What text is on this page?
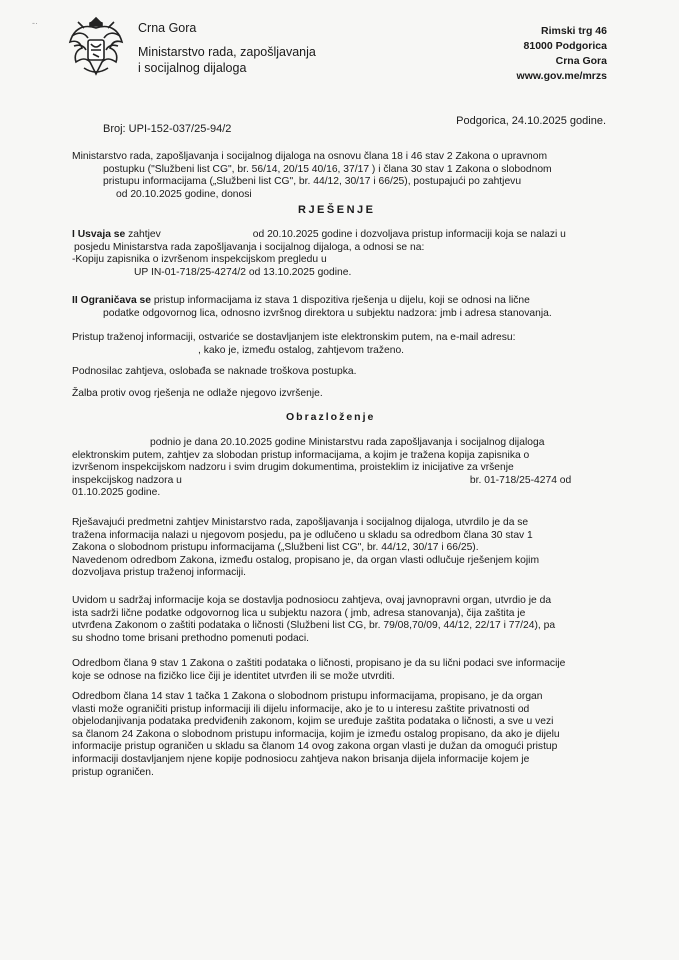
-·	Crna Gora
Ministarstvo rada, zapošljavanja
i socijalnog dijaloga
Rimski trg 46
81000 Podgorica
Crna Gora
www.gov.me/mrzs
Broj: UPI-152-037/25-94/2
Podgorica, 24.10.2025 godine.
Ministarstvo rada, zapošljavanja i socijalnog dijaloga na osnovu člana 18 i 46 stav 2 Zakona o upravnom
postupku ("Službeni list CG", br. 56/14, 20/15 40/16, 37/17 ) i člana 30 stav 1 Zakona o slobodnom
pristupu informacijama („Službeni list CG", br. 44/12, 30/17 i 66/25), postupajući po zahtjevu
od 20.10.2025 godine, donosi
RJEŠENJE
I Usvaja se zahtjev	od 20.10.2025 godine i dozvoljava pristup informaciji koja se nalazi u
posjedu Ministarstva rada zapošljavanja i socijalnog dijaloga, a odnosi se na:
-Kopiju zapisnika o izvršenom inspekcijskom pregledu u
UP IN-01-718/25-4274/2 od 13.10.2025 godine.
II Ograničava se pristup informacijama iz stava 1 dispozitiva rješenja u dijelu, koji se odnosi na lične
podatke odgovornog lica, odnosno izvršnog direktora u subjektu nadzora: jmb i adresa stanovanja.
Pristup traženoj informaciji, ostvariće se dostavljanjem iste elektronskim putem, na e-mail adresu:
, kako je, između ostalog, zahtjevom traženo.
Podnosilac zahtjeva, oslobađa se naknade troškova postupka.
Žalba protiv ovog rješenja ne odlaže njegovo izvršenje.
Obrazloženje
podnio je dana 20.10.2025 godine Ministarstvu rada zapošljavanja i socijalnog dijaloga
elektronskim putem, zahtjev za slobodan pristup informacijama, a kojim je tražena kopija zapisnika o
izvršenom inspekcijskom nadzoru i svim drugim dokumentima, proisteklim iz inicijative za vršenje
inspekcijskog nadzora u	br. 01-718/25-4274 od
01.10.2025 godine.
Rješavajući predmetni zahtjev Ministarstvo rada, zapošljavanja i socijalnog dijaloga, utvrdilo je da se
tražena informacija nalazi u njegovom posjedu, pa je odlučeno u skladu sa odredbom člana 30 stav 1
Zakona o slobodnom pristupu informacijama („Službeni list CG", br. 44/12, 30/17 i 66/25).
Navedenom odredbom Zakona, između ostalog, propisano je, da organ vlasti odlučuje rješenjem kojim
dozvoljava pristup traženoj informaciji.
Uvidom u sadržaj informacije koja se dostavlja podnosiocu zahtjeva, ovaj javnopravni organ, utvrdio je da
ista sadrži lične podatke odgovornog lica u subjektu nazora ( jmb, adresa stanovanja), čija zaštita je
utvrđena Zakonom o zaštiti podataka o ličnosti (Službeni list CG, br. 79/08,70/09, 44/12, 22/17 i 77/24), pa
su shodno tome brisani prethodno pomenuti podaci.
Odredbom člana 9 stav 1 Zakona o zaštiti podataka o ličnosti, propisano je da su lični podaci sve informacije
koje se odnose na fizičko lice čiji je identitet utvrđen ili se može utvrditi.
Odredbom člana 14 stav 1 tačka 1 Zakona o slobodnom pristupu informacijama, propisano, je da organ
vlasti može ograničiti pristup informaciji ili dijelu informacije, ako je to u interesu zaštite privatnosti od
objelodanjivanja podataka predviđenih zakonom, kojim se uređuje zaštita podataka o ličnosti, a sve u vezi
sa članom 24 Zakona o slobodnom pristupu informacija, kojim je između ostalog propisano, da ako je dijelu
informacije pristup ograničen u skladu sa članom 14 ovog zakona organ vlasti je dužan da omogući pristup
informaciji dostavljanjem njene kopije podnosiocu zahtjeva nakon brisanja dijela informacije kojem je
pristup ograničen.
